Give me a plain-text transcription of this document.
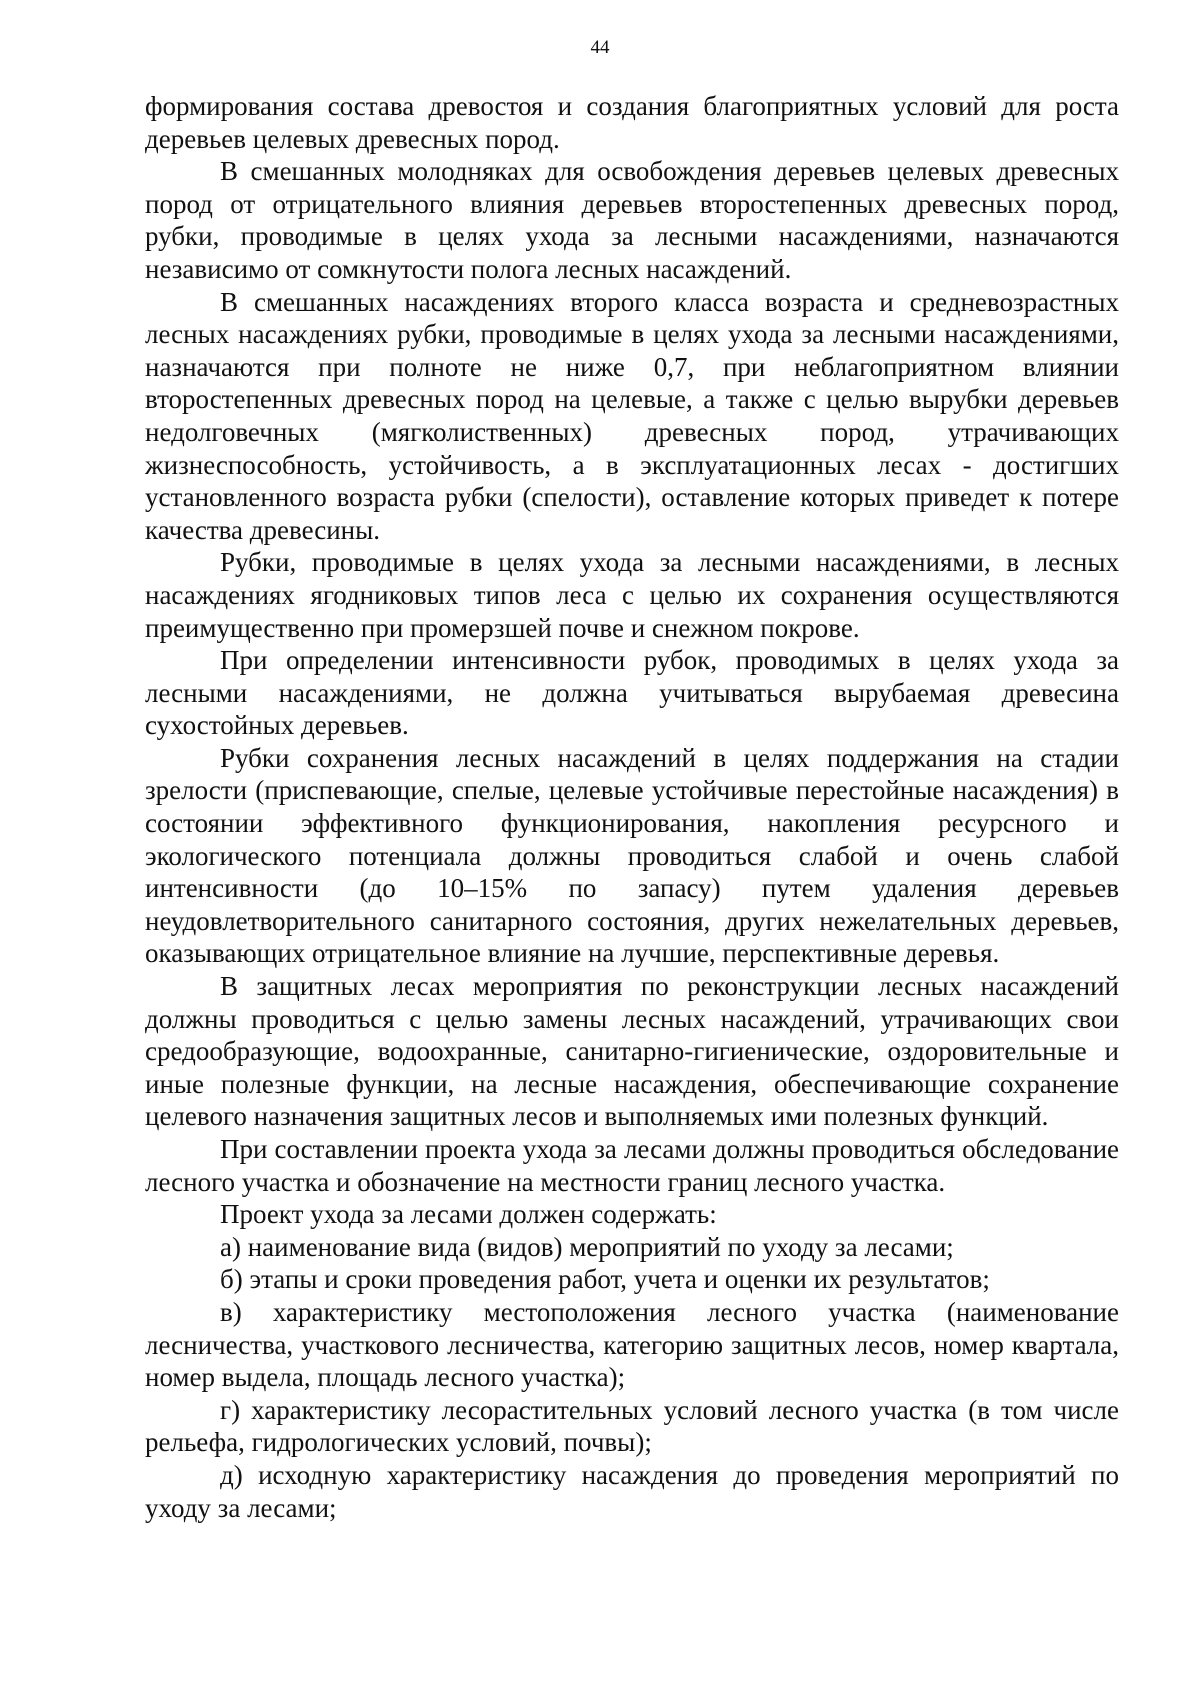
44

формирования состава древостоя и создания благоприятных условий для роста деревьев целевых древесных пород.

В смешанных молодняках для освобождения деревьев целевых древесных пород от отрицательного влияния деревьев второстепенных древесных пород, рубки, проводимые в целях ухода за лесными насаждениями, назначаются независимо от сомкнутости полога лесных насаждений.

В смешанных насаждениях второго класса возраста и средневозрастных лесных насаждениях рубки, проводимые в целях ухода за лесными насаждениями, назначаются при полноте не ниже 0,7, при неблагоприятном влиянии второстепенных древесных пород на целевые, а также с целью вырубки деревьев недолговечных (мягколиственных) древесных пород, утрачивающих жизнеспособность, устойчивость, а в эксплуатационных лесах - достигших установленного возраста рубки (спелости), оставление которых приведет к потере качества древесины.

Рубки, проводимые в целях ухода за лесными насаждениями, в лесных насаждениях ягодниковых типов леса с целью их сохранения осуществляются преимущественно при промерзшей почве и снежном покрове.

При определении интенсивности рубок, проводимых в целях ухода за лесными насаждениями, не должна учитываться вырубаемая древесина сухостойных деревьев.

Рубки сохранения лесных насаждений в целях поддержания на стадии зрелости (приспевающие, спелые, целевые устойчивые перестойные насаждения) в состоянии эффективного функционирования, накопления ресурсного и экологического потенциала должны проводиться слабой и очень слабой интенсивности (до 10–15% по запасу) путем удаления деревьев неудовлетворительного санитарного состояния, других нежелательных деревьев, оказывающих отрицательное влияние на лучшие, перспективные деревья.

В защитных лесах мероприятия по реконструкции лесных насаждений должны проводиться с целью замены лесных насаждений, утрачивающих свои средообразующие, водоохранные, санитарно-гигиенические, оздоровительные и иные полезные функции, на лесные насаждения, обеспечивающие сохранение целевого назначения защитных лесов и выполняемых ими полезных функций.

При составлении проекта ухода за лесами должны проводиться обследование лесного участка и обозначение на местности границ лесного участка.

Проект ухода за лесами должен содержать:

а) наименование вида (видов) мероприятий по уходу за лесами;

б) этапы и сроки проведения работ, учета и оценки их результатов;

в) характеристику местоположения лесного участка (наименование лесничества, участкового лесничества, категорию защитных лесов, номер квартала, номер выдела, площадь лесного участка);

г) характеристику лесорастительных условий лесного участка (в том числе рельефа, гидрологических условий, почвы);

д) исходную характеристику насаждения до проведения мероприятий по уходу за лесами;
